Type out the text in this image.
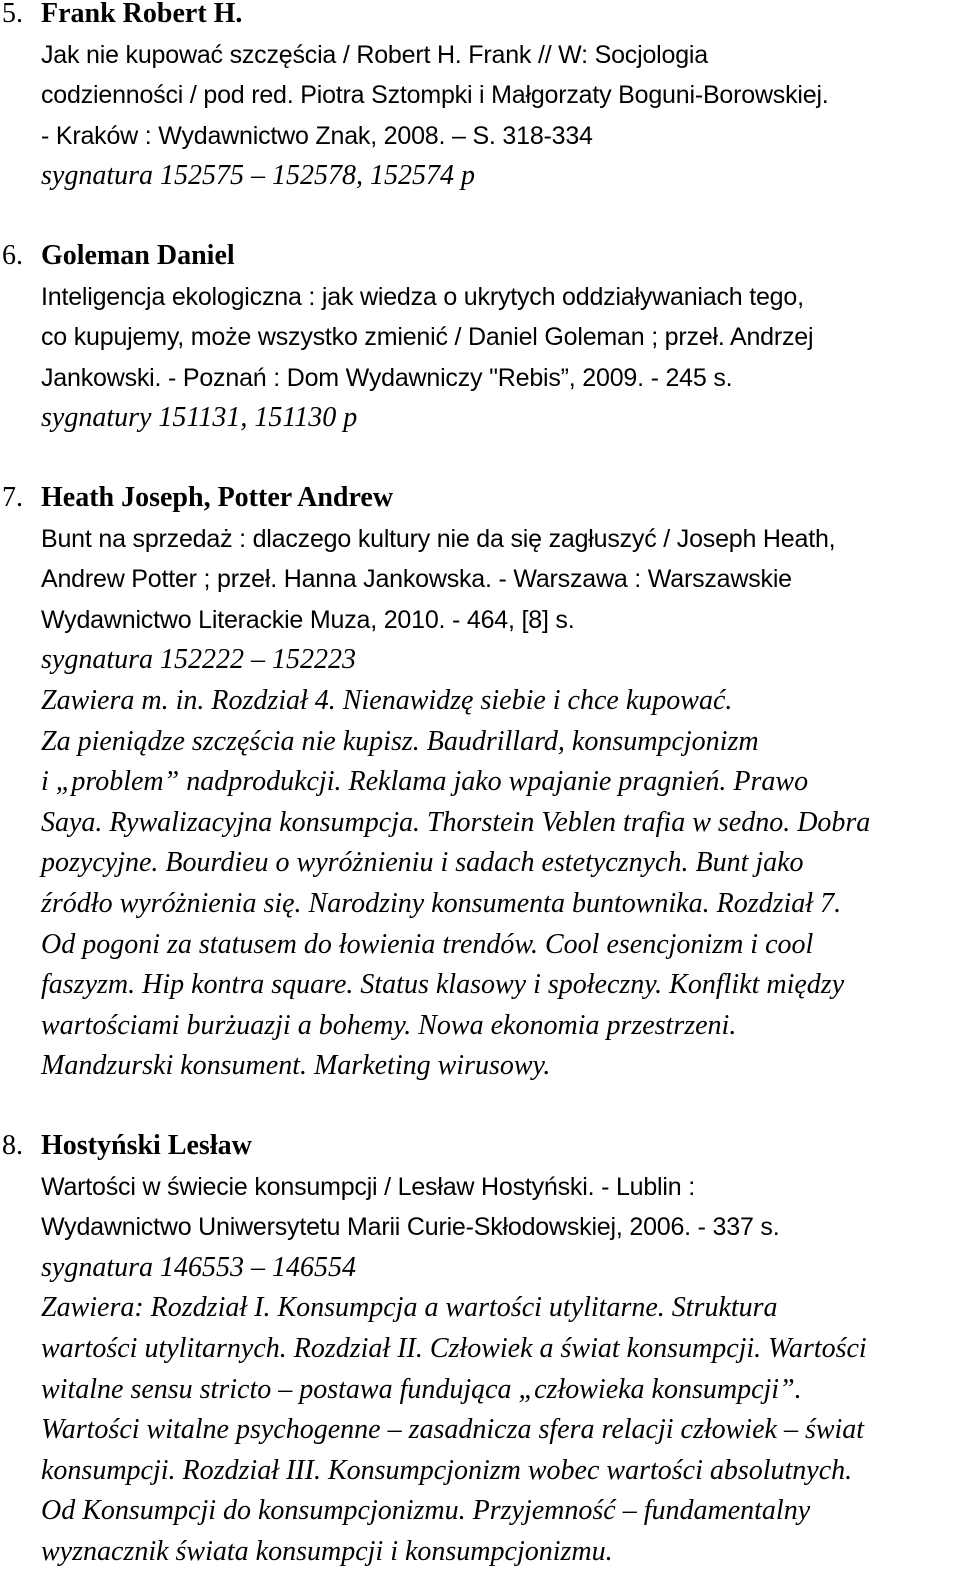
5. Frank Robert H.
Jak nie kupować szczęścia / Robert H. Frank // W: Socjologia
codzienności / pod red. Piotra Sztompki i Małgorzaty Boguni-Borowskiej.
- Kraków : Wydawnictwo Znak, 2008. – S. 318-334
sygnatura 152575 – 152578, 152574 p
6. Goleman Daniel
Inteligencja ekologiczna : jak wiedza o ukrytych oddziaływaniach tego,
co kupujemy, może wszystko zmienić / Daniel Goleman ; przeł. Andrzej
Jankowski. - Poznań : Dom Wydawniczy "Rebis”, 2009. - 245 s.
sygnatury 151131, 151130 p
7. Heath Joseph, Potter Andrew
Bunt na sprzedaż : dlaczego kultury nie da się zagłuszyć / Joseph Heath,
Andrew Potter ; przeł. Hanna Jankowska. - Warszawa : Warszawskie
Wydawnictwo Literackie Muza, 2010. - 464, [8] s.
sygnatura 152222 – 152223
Zawiera m. in. Rozdział 4. Nienawidzę siebie i chce kupować.
Za pieniądze szczęścia nie kupisz. Baudrillard, konsumpcjonizm
i „problem” nadprodukcji. Reklama jako wpajanie pragnień. Prawo
Saya. Rywalizacyjna konsumpcja. Thorstein Veblen trafia w sedno. Dobra
pozycyjne. Bourdieu o wyróżnieniu i sadach estetycznych. Bunt jako
źródło wyróżnienia się. Narodziny konsumenta buntownika. Rozdział 7.
Od pogoni za statusem do łowienia trendów. Cool esencjonizm i cool
faszyzm. Hip kontra square. Status klasowy i społeczny. Konflikt między
wartościami burżuazji a bohemy. Nowa ekonomia przestrzeni.
Mandzurski konsument. Marketing wirusowy.
8. Hostyński Lesław
Wartości w świecie konsumpcji / Lesław Hostyński. - Lublin :
Wydawnictwo Uniwersytetu Marii Curie-Skłodowskiej, 2006. - 337 s.
sygnatura 146553 – 146554
Zawiera: Rozdział I. Konsumpcja a wartości utylitarne. Struktura
wartości utylitarnych. Rozdział II. Człowiek a świat konsumpcji. Wartości
witalne sensu stricto – postawa fundująca „człowieka konsumpcji”.
Wartości witalne psychogenne – zasadnicza sfera relacji człowiek – świat
konsumpcji. Rozdział III. Konsumpcjonizm wobec wartości absolutnych.
Od Konsumpcji do konsumpcjonizmu. Przyjemność – fundamentalny
wyznacznik świata konsumpcji i konsumpcjonizmu.
